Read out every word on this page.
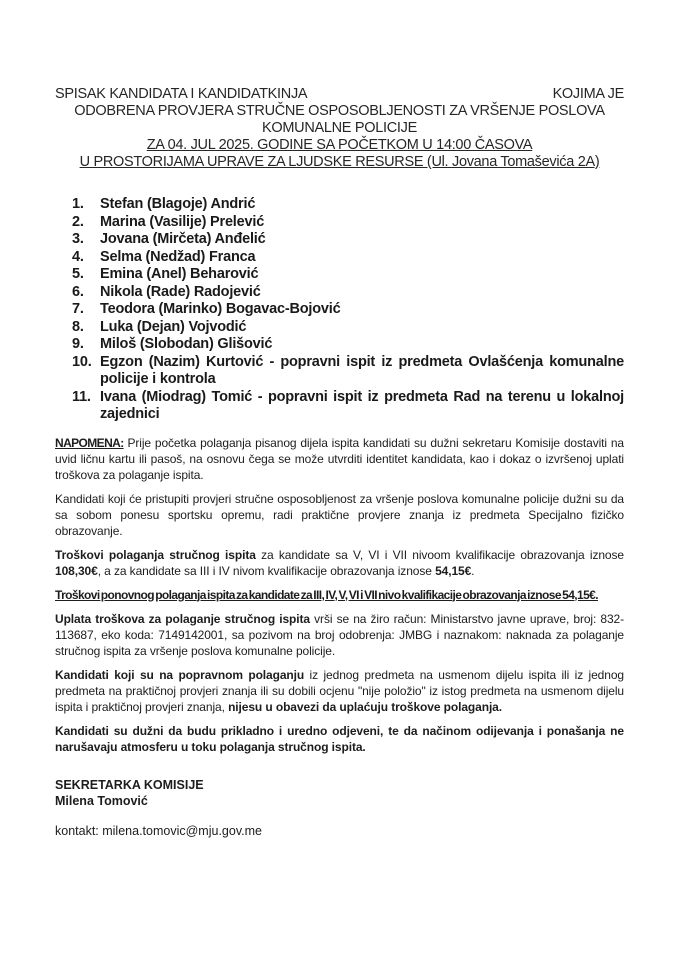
SPISAK KANDIDATA I KANDIDATKINJA	KOJIMA JE
ODOBRENA PROVJERA STRUČNE OSPOSOBLJENOSTI ZA VRŠENJE POSLOVA
KOMUNALNE POLICIJE
ZA 04. JUL 2025. GODINE SA POČETKOM U 14:00 ČASOVA
U PROSTORIJAMA UPRAVE ZA LJUDSKE RESURSE (Ul. Jovana Tomaševića 2A)
1.	Stefan (Blagoje) Andrić
2.	Marina (Vasilije) Prelević
3.	Jovana (Mirčeta) Anđelić
4.	Selma (Nedžad) Franca
5.	Emina (Anel) Beharović
6.	Nikola (Rade) Radojević
7.	Teodora (Marinko) Bogavac-Bojović
8.	Luka (Dejan) Vojvodić
9.	Miloš (Slobodan) Glišović
10. Egzon (Nazim) Kurtović - popravni ispit iz predmeta Ovlašćenja komunalne policije i kontrola
11. Ivana (Miodrag) Tomić - popravni ispit iz predmeta Rad na terenu u lokalnoj zajednici

NAPOMENA: Prije početka polaganja pisanog dijela ispita kandidati su dužni sekretaru Komisije dostaviti na uvid ličnu kartu ili pasoš, na osnovu čega se može utvrditi identitet kandidata, kao i dokaz o izvršenoj uplati troškova za polaganje ispita.

Kandidati koji će pristupiti provjeri stručne osposobljenost za vršenje poslova komunalne policije dužni su da sa sobom ponesu sportsku opremu, radi praktične provjere znanja iz predmeta Specijalno fizičko obrazovanje.

Troškovi polaganja stručnog ispita za kandidate sa V, VI i VII nivoom kvalifikacije obrazovanja iznose 108,30€, a za kandidate sa III i IV nivom kvalifikacije obrazovanja iznose 54,15€.

Troškovi ponovnog polaganja ispita za kandidate za III, IV, V, VI i VII nivo kvalifikacije obrazovanja iznose 54,15€.

Uplata troškova za polaganje stručnog ispita vrši se na žiro račun: Ministarstvo javne uprave, broj: 832-113687, eko koda: 7149142001, sa pozivom na broj odobrenja: JMBG i naznakom: naknada za polaganje stručnog ispita za vršenje poslova komunalne policije.

Kandidati koji su na popravnom polaganju iz jednog predmeta na usmenom dijelu ispita ili iz jednog predmeta na praktičnoj provjeri znanja ili su dobili ocjenu "nije položio" iz istog predmeta na usmenom dijelu ispita i praktičnoj provjeri znanja, nijesu u obavezi da uplaćuju troškove polaganja.

Kandidati su dužni da budu prikladno i uredno odjeveni, te da načinom odijevanja i ponašanja ne narušavaju atmosferu u toku polaganja stručnog ispita.

SEKRETARKA KOMISIJE
Milena Tomović
kontakt: milena.tomovic@mju.gov.me
